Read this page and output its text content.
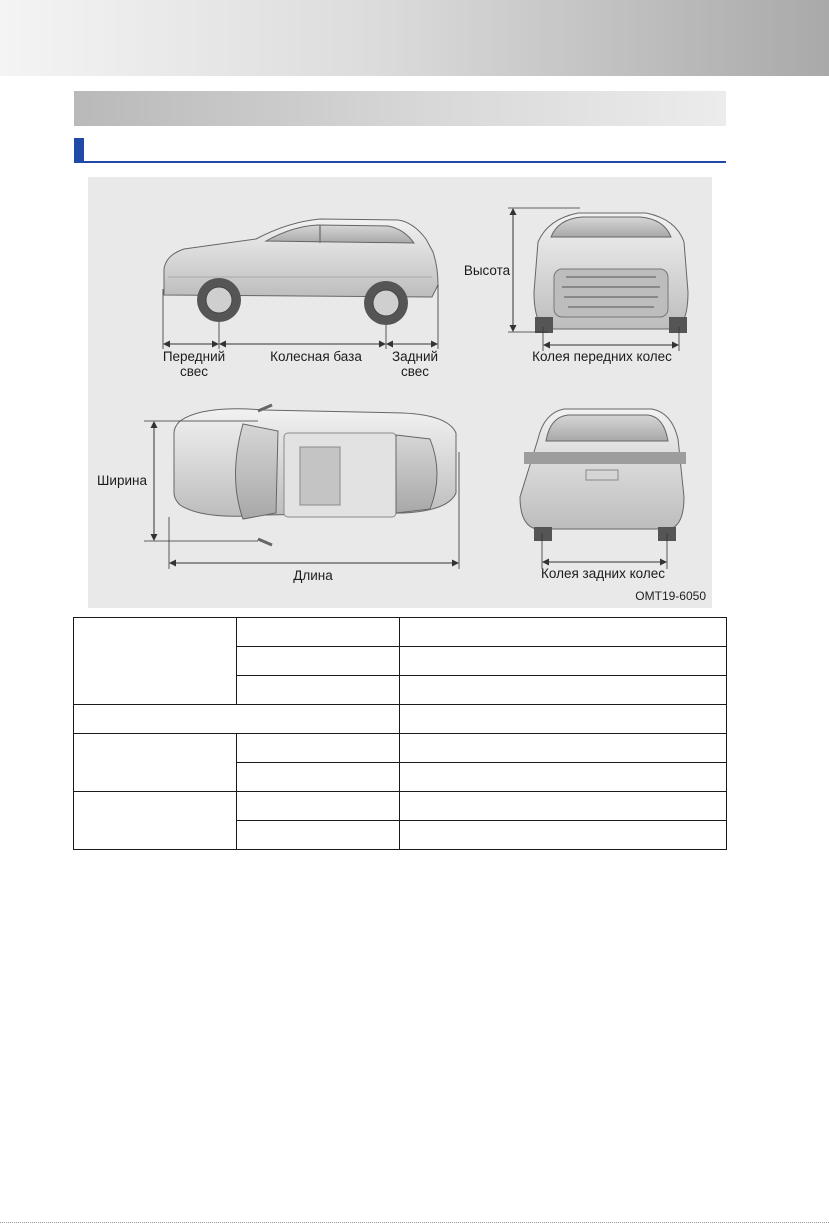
Передний
свес
Колесная база	Задний
свес
Высота
Колея передних колес
Ширина
Длина	Колея задних колес
OMT19-6050
